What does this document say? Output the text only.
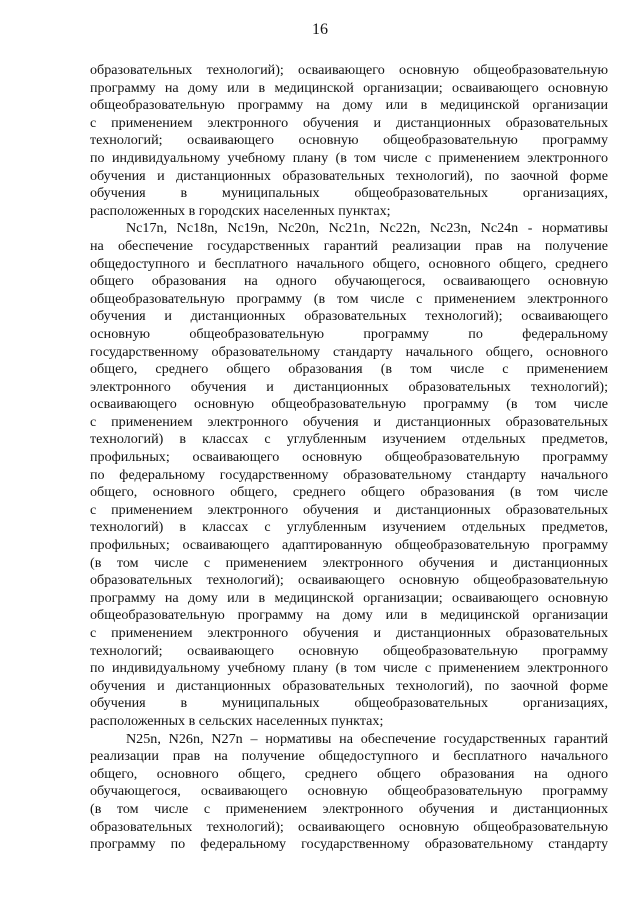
16
образовательных технологий); осваивающего основную общеобразовательную
программу на дому или в медицинской организации; осваивающего основную
общеобразовательную программу на дому или в медицинской организации
с применением электронного обучения и дистанционных образовательных
технологий; осваивающего основную общеобразовательную программу
по индивидуальному учебному плану (в том числе с применением электронного
обучения и дистанционных образовательных технологий), по заочной форме
обучения в муниципальных общеобразовательных организациях,
расположенных в городских населенных пунктах;
Nc17n, Nc18n, Nc19n, Nc20n, Nc21n, Nc22n, Nc23n, Nc24n - нормативы
на обеспечение государственных гарантий реализации прав на получение
общедоступного и бесплатного начального общего, основного общего, среднего
общего образования на одного обучающегося, осваивающего основную
общеобразовательную программу (в том числе с применением электронного
обучения и дистанционных образовательных технологий); осваивающего
основную общеобразовательную программу по федеральному
государственному образовательному стандарту начального общего, основного
общего, среднего общего образования (в том числе с применением
электронного обучения и дистанционных образовательных технологий);
осваивающего основную общеобразовательную программу (в том числе
с применением электронного обучения и дистанционных образовательных
технологий) в классах с углубленным изучением отдельных предметов,
профильных; осваивающего основную общеобразовательную программу
по федеральному государственному образовательному стандарту начального
общего, основного общего, среднего общего образования (в том числе
с применением электронного обучения и дистанционных образовательных
технологий) в классах с углубленным изучением отдельных предметов,
профильных; осваивающего адаптированную общеобразовательную программу
(в том числе с применением электронного обучения и дистанционных
образовательных технологий); осваивающего основную общеобразовательную
программу на дому или в медицинской организации; осваивающего основную
общеобразовательную программу на дому или в медицинской организации
с применением электронного обучения и дистанционных образовательных
технологий; осваивающего основную общеобразовательную программу
по индивидуальному учебному плану (в том числе с применением электронного
обучения и дистанционных образовательных технологий), по заочной форме
обучения в муниципальных общеобразовательных организациях,
расположенных в сельских населенных пунктах;
N25n, N26n, N27n – нормативы на обеспечение государственных гарантий
реализации прав на получение общедоступного и бесплатного начального
общего, основного общего, среднего общего образования на одного
обучающегося, осваивающего основную общеобразовательную программу
(в том числе с применением электронного обучения и дистанционных
образовательных технологий); осваивающего основную общеобразовательную
программу по федеральному государственному образовательному стандарту
